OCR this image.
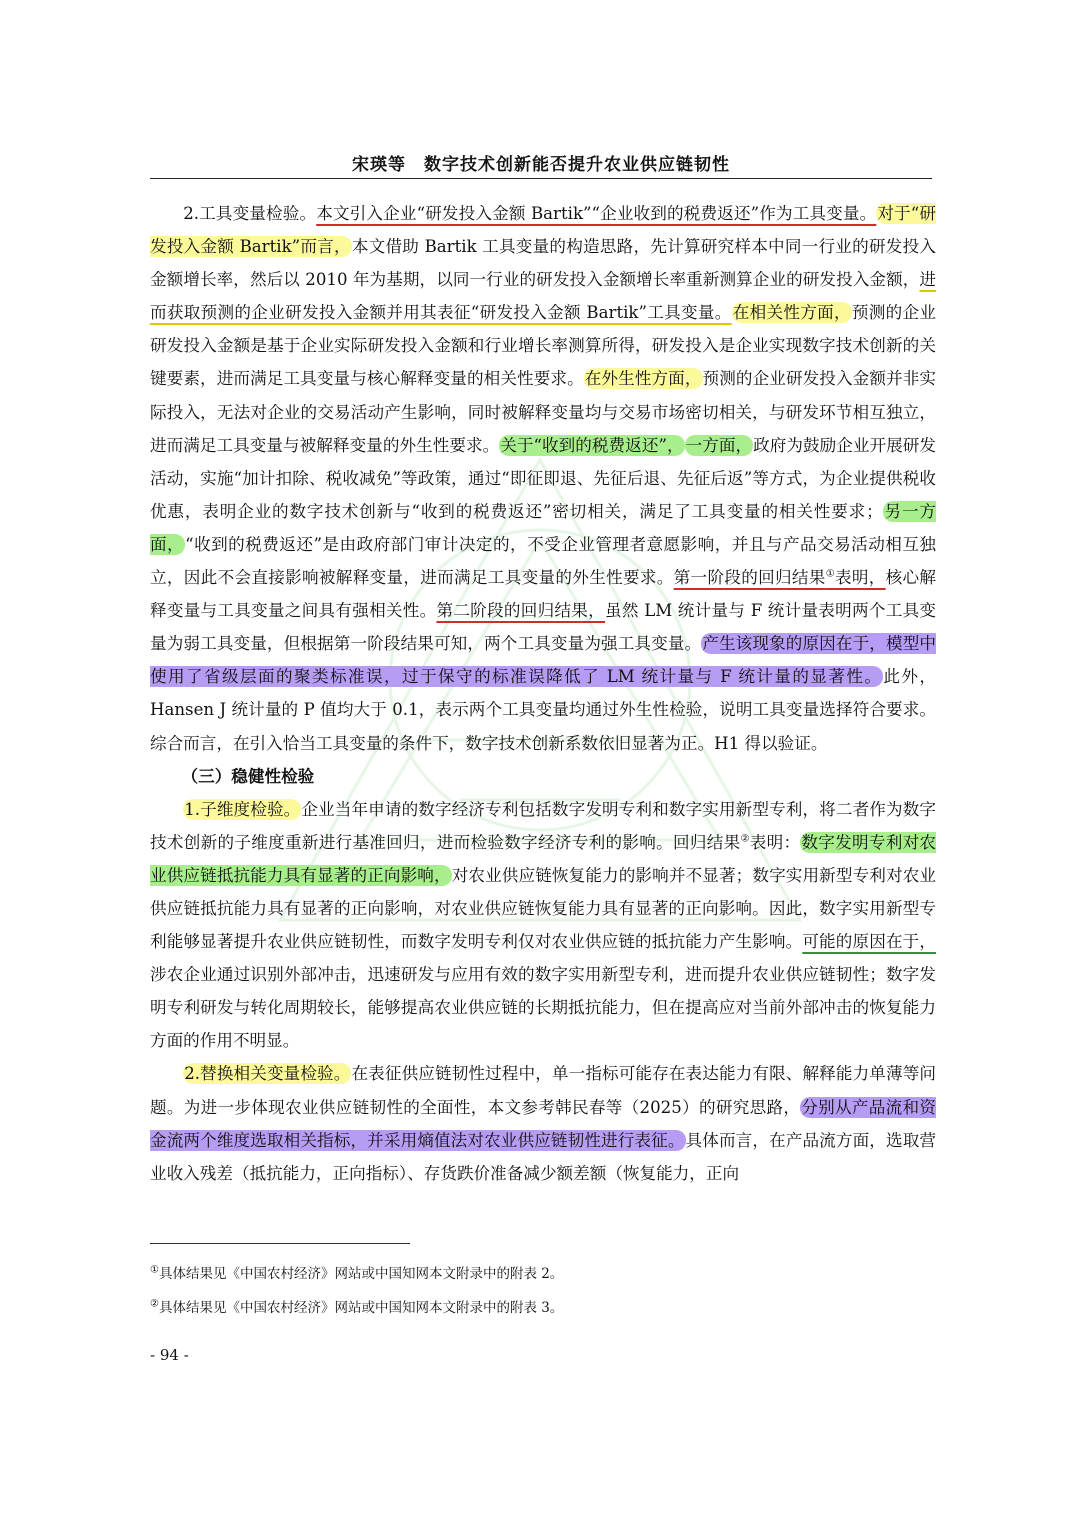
宋瑛等　数字技术创新能否提升农业供应链韧性

2.工具变量检验。本文引入企业“研发投入金额 Bartik”“企业收到的税费返还”作为工具变量。对于“研发投入金额 Bartik”而言，本文借助 Bartik 工具变量的构造思路，先计算研究样本中同一行业的研发投入金额增长率，然后以 2010 年为基期，以同一行业的研发投入金额增长率重新测算企业的研发投入金额，进而获取预测的企业研发投入金额并用其表征“研发投入金额 Bartik”工具变量。在相关性方面，预测的企业研发投入金额是基于企业实际研发投入金额和行业增长率测算所得，研发投入是企业实现数字技术创新的关键要素，进而满足工具变量与核心解释变量的相关性要求。在外生性方面，预测的企业研发投入金额并非实际投入，无法对企业的交易活动产生影响，同时被解释变量均与交易市场密切相关，与研发环节相互独立，进而满足工具变量与被解释变量的外生性要求。关于“收到的税费返还”， 一方面，政府为鼓励企业开展研发活动，实施“加计扣除、税收减免”等政策，通过“即征即退、先征后退、先征后返”等方式，为企业提供税收优惠，表明企业的数字技术创新与“收到的税费返还”密切相关，满足了工具变量的相关性要求；另一方面，“收到的税费返还”是由政府部门审计决定的，不受企业管理者意愿影响，并且与产品交易活动相互独立，因此不会直接影响被解释变量，进而满足工具变量的外生性要求。第一阶段的回归结果①表明，核心解释变量与工具变量之间具有强相关性。第二阶段的回归结果，虽然 LM 统计量与 F 统计量表明两个工具变量为弱工具变量，但根据第一阶段结果可知，两个工具变量为强工具变量。产生该现象的原因在于，模型中使用了省级层面的聚类标准误，过于保守的标准误降低了 LM 统计量与 F 统计量的显著性。此外，Hansen J 统计量的 P 值均大于 0.1，表示两个工具变量均通过外生性检验，说明工具变量选择符合要求。综合而言，在引入恰当工具变量的条件下，数字技术创新系数依旧显著为正。H1 得以验证。

（三）稳健性检验

1.子维度检验。企业当年申请的数字经济专利包括数字发明专利和数字实用新型专利，将二者作为数字技术创新的子维度重新进行基准回归，进而检验数字经济专利的影响。回归结果②表明：数字发明专利对农业供应链抵抗能力具有显著的正向影响，对农业供应链恢复能力的影响并不显著；数字实用新型专利对农业供应链抵抗能力具有显著的正向影响，对农业供应链恢复能力具有显著的正向影响。因此，数字实用新型专利能够显著提升农业供应链韧性，而数字发明专利仅对农业供应链的抵抗能力产生影响。可能的原因在于，涉农企业通过识别外部冲击，迅速研发与应用有效的数字实用新型专利，进而提升农业供应链韧性；数字发明专利研发与转化周期较长，能够提高农业供应链的长期抵抗能力，但在提高应对当前外部冲击的恢复能力方面的作用不明显。

2.替换相关变量检验。在表征供应链韧性过程中，单一指标可能存在表达能力有限、解释能力单薄等问题。为进一步体现农业供应链韧性的全面性，本文参考韩民春等（2025）的研究思路，分别从产品流和资金流两个维度选取相关指标，并采用熵值法对农业供应链韧性进行表征。具体而言，在产品流方面，选取营业收入残差（抵抗能力，正向指标）、存货跌价准备减少额差额（恢复能力，正向

①具体结果见《中国农村经济》网站或中国知网本文附录中的附表 2。
②具体结果见《中国农村经济》网站或中国知网本文附录中的附表 3。
- 94 -
